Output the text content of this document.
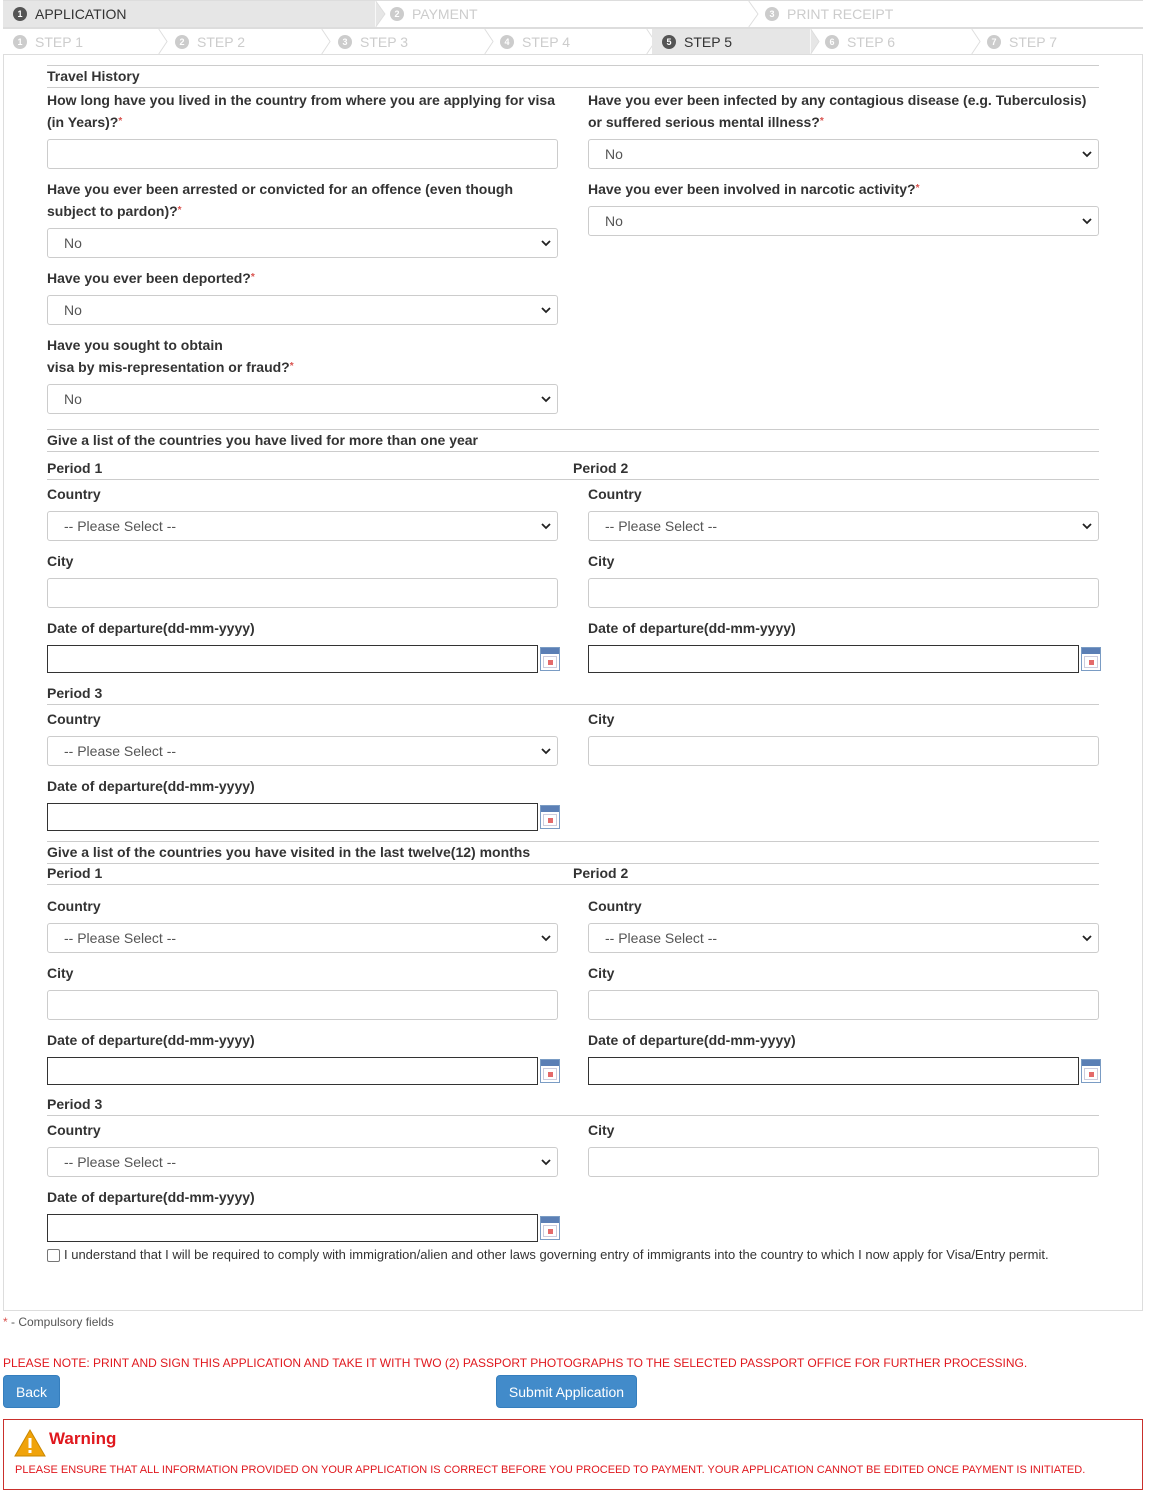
1 APPLICATION	2 PAYMENT	3 PRINT RECEIPT
1 STEP 1	2 STEP 2	3 STEP 3	4 STEP 4	5 STEP 5	6 STEP 6	7 STEP 7
Travel History
How long have you lived in the country from where you are applying for visa (in Years)?*
Have you ever been infected by any contagious disease (e.g. Tuberculosis) or suffered serious mental illness?*
No
Have you ever been arrested or convicted for an offence (even though subject to pardon)?*
No
Have you ever been involved in narcotic activity?*
No
Have you ever been deported?*
No
Have you sought to obtain
visa by mis-representation or fraud?*
No
Give a list of the countries you have lived for more than one year
Period 1	Period 2
Country
-- Please Select --
Country
-- Please Select --
City	City
Date of departure(dd-mm-yyyy)	Date of departure(dd-mm-yyyy)
Period 3
Country
-- Please Select --
City
Date of departure(dd-mm-yyyy)
Give a list of the countries you have visited in the last twelve(12) months
Period 1	Period 2
Country
-- Please Select --
Country
-- Please Select --
City	City
Date of departure(dd-mm-yyyy)	Date of departure(dd-mm-yyyy)
Period 3
Country
-- Please Select --
City
Date of departure(dd-mm-yyyy)
I understand that I will be required to comply with immigration/alien and other laws governing entry of immigrants into the country to which I now apply for Visa/Entry permit.
* - Compulsory fields
PLEASE NOTE: PRINT AND SIGN THIS APPLICATION AND TAKE IT WITH TWO (2) PASSPORT PHOTOGRAPHS TO THE SELECTED PASSPORT OFFICE FOR FURTHER PROCESSING.
Back	Submit Application
Warning
PLEASE ENSURE THAT ALL INFORMATION PROVIDED ON YOUR APPLICATION IS CORRECT BEFORE YOU PROCEED TO PAYMENT. YOUR APPLICATION CANNOT BE EDITED ONCE PAYMENT IS INITIATED.
